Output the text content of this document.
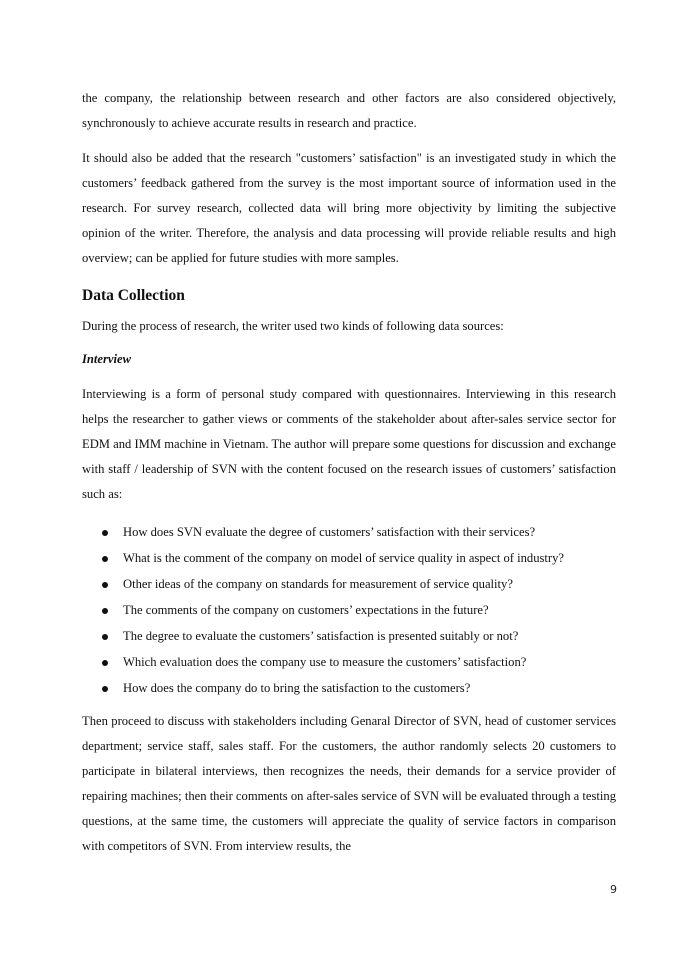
the company, the relationship between research and other factors are also considered objectively, synchronously to achieve accurate results in research and practice.

It should also be added that the research "customers’ satisfaction" is an investigated study in which the customers’ feedback gathered from the survey is the most important source of information used in the research. For survey research, collected data will bring more objectivity by limiting the subjective opinion of the writer. Therefore, the analysis and data processing will provide reliable results and high overview; can be applied for future studies with more samples.

Data Collection

During the process of research, the writer used two kinds of following data sources:

Interview

Interviewing is a form of personal study compared with questionnaires. Interviewing in this research helps the researcher to gather views or comments of the stakeholder about after-sales service sector for EDM and IMM machine in Vietnam. The author will prepare some questions for discussion and exchange with staff / leadership of SVN with the content focused on the research issues of customers’ satisfaction such as:

How does SVN evaluate the degree of customers’ satisfaction with their services?
What is the comment of the company on model of service quality in aspect of industry?
Other ideas of the company on standards for measurement of service quality?
The comments of the company on customers’ expectations in the future?
The degree to evaluate the customers’ satisfaction is presented suitably or not?
Which evaluation does the company use to measure the customers’ satisfaction?
How does the company do to bring the satisfaction to the customers?

Then proceed to discuss with stakeholders including Genaral Director of SVN, head of customer services department; service staff, sales staff. For the customers, the author randomly selects 20 customers to participate in bilateral interviews, then recognizes the needs, their demands for a service provider of repairing machines; then their comments on after-sales service of SVN will be evaluated through a testing questions, at the same time, the customers will appreciate the quality of service factors in comparison with competitors of SVN. From interview results, the

9
